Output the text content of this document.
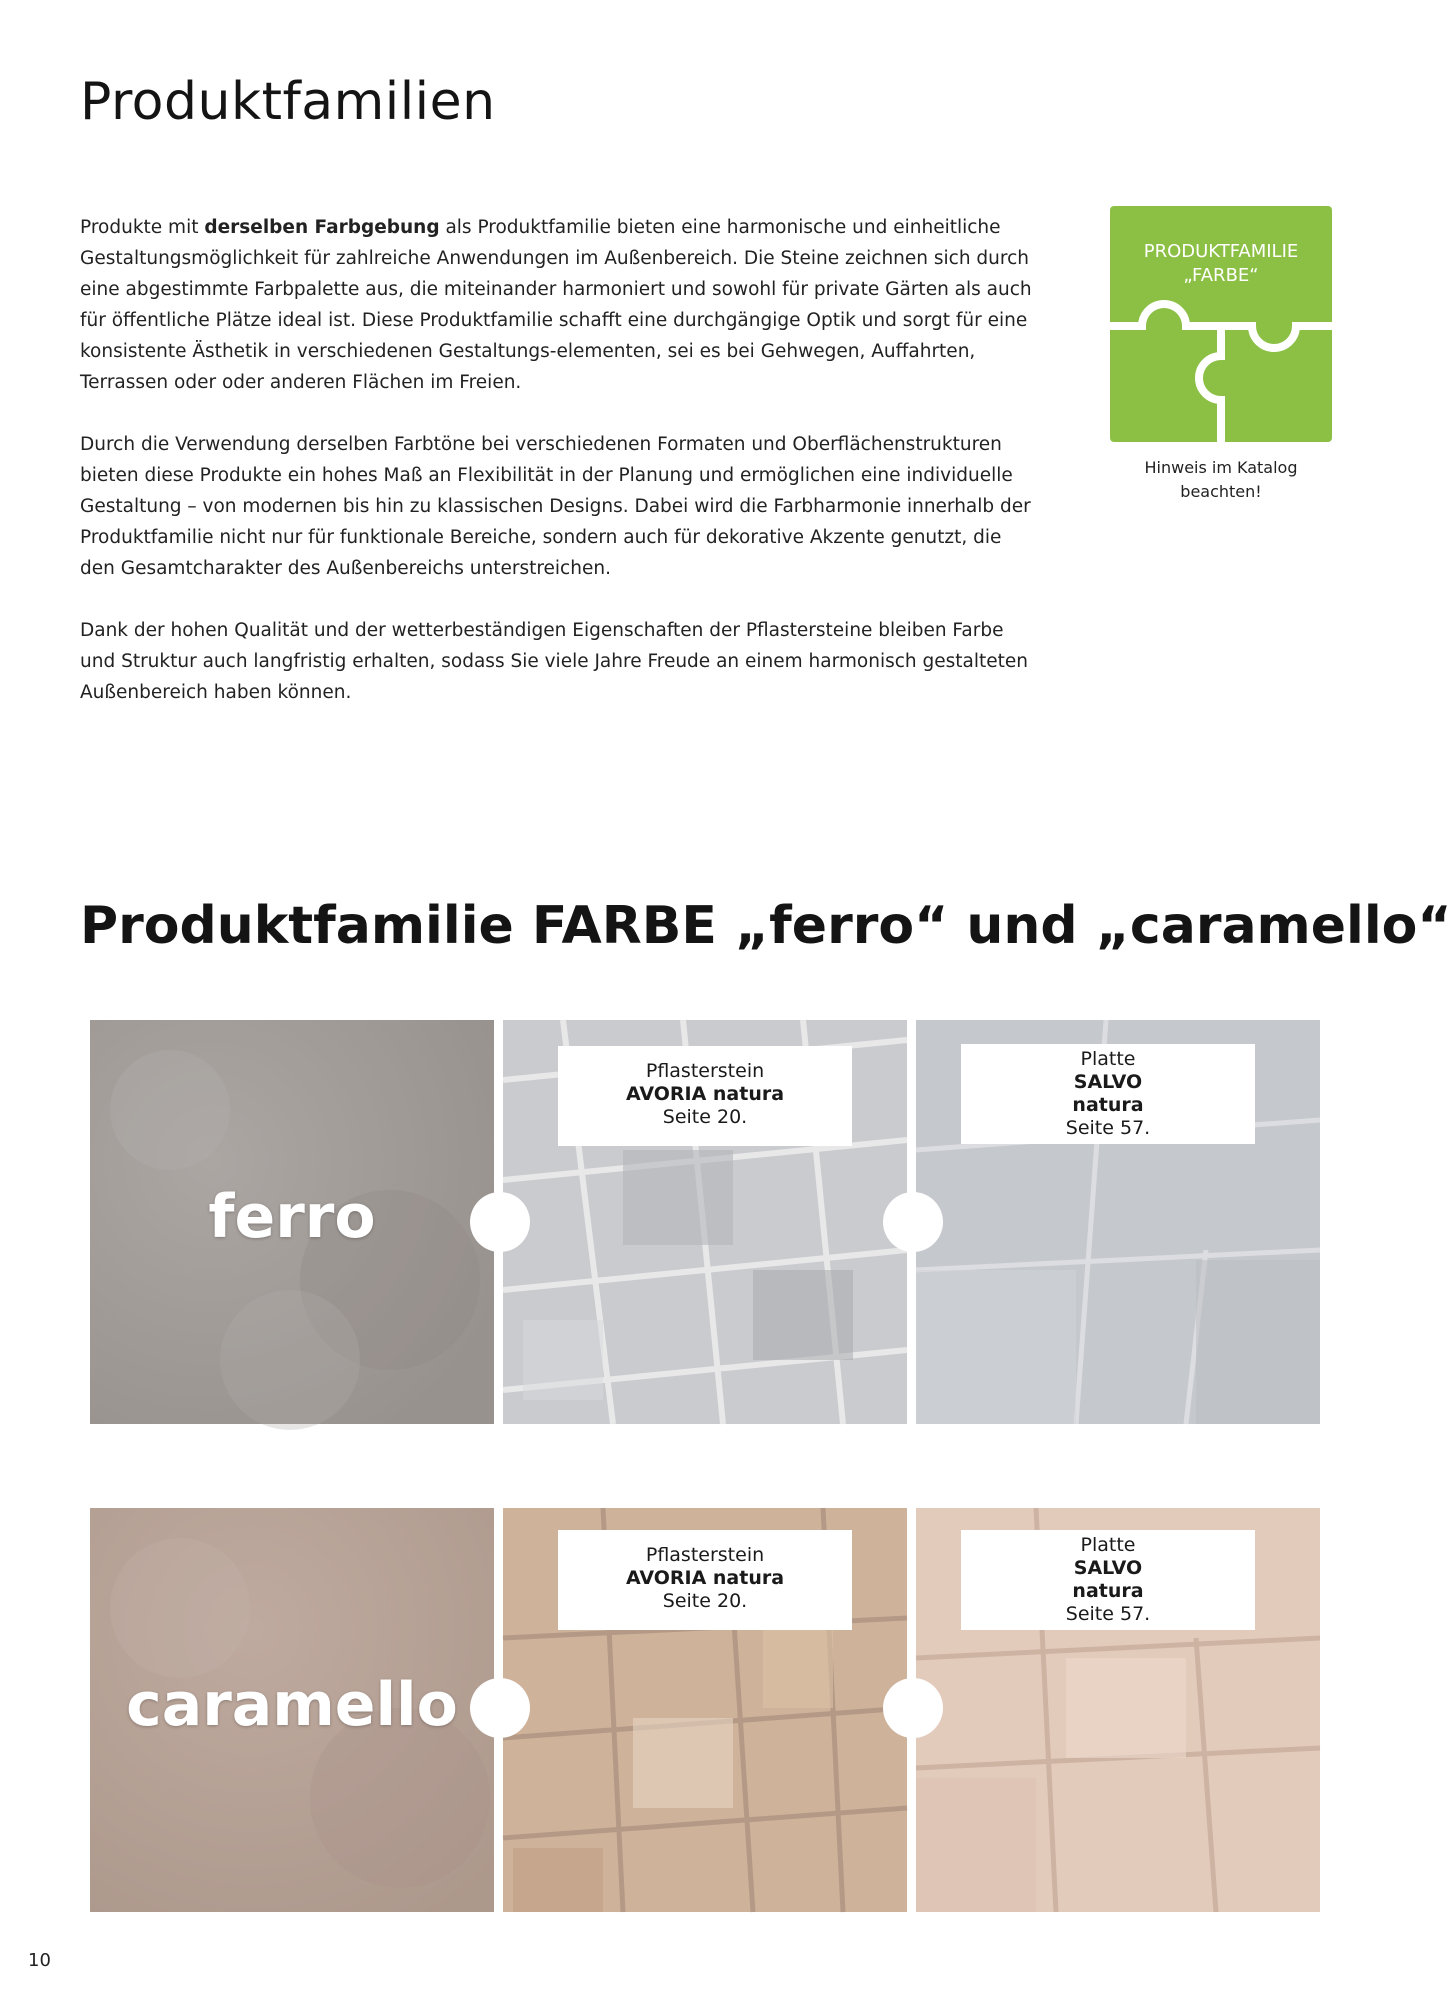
Produktfamilien

Produkte mit derselben Farbgebung als Produktfamilie bieten eine harmonische und einheitliche Gestaltungsmöglichkeit für zahlreiche Anwendungen im Außenbereich. Die Steine zeichnen sich durch eine abgestimmte Farbpalette aus, die miteinander harmoniert und sowohl für private Gärten als auch für öffentliche Plätze ideal ist. Diese Produktfamilie schafft eine durchgängige Optik und sorgt für eine konsistente Ästhetik in verschiedenen Gestaltungs-elementen, sei es bei Gehwegen, Auffahrten, Terrassen oder oder anderen Flächen im Freien.

Durch die Verwendung derselben Farbtöne bei verschiedenen Formaten und Oberflächenstrukturen bieten diese Produkte ein hohes Maß an Flexibilität in der Planung und ermöglichen eine individuelle Gestaltung – von modernen bis hin zu klassischen Designs. Dabei wird die Farbharmonie innerhalb der Produktfamilie nicht nur für funktionale Bereiche, sondern auch für dekorative Akzente genutzt, die den Gesamtcharakter des Außenbereichs unterstreichen.

Dank der hohen Qualität und der wetterbeständigen Eigenschaften der Pflastersteine bleiben Farbe und Struktur auch langfristig erhalten, sodass Sie viele Jahre Freude an einem harmonisch gestalteten Außenbereich haben können.

PRODUKTFAMILIE
„FARBE“
Hinweis im Katalog
beachten!
Produktfamilie FARBE „ferro“ und „caramello“
ferro
Pflasterstein
AVORIA natura
Seite 20.
Platte
SALVO
natura
Seite 57.
caramello
Pflasterstein
AVORIA natura
Seite 20.
Platte
SALVO
natura
Seite 57.
10
